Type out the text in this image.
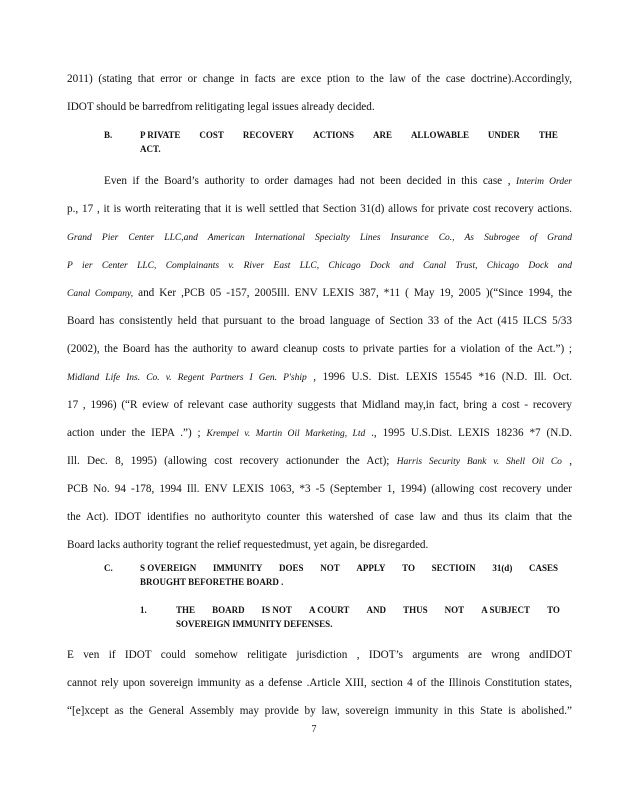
2011) (stating that error or change in facts are exce ption to the law of the case doctrine).Accordingly,
IDOT should be barredfrom relitigating legal issues already decided.
B.	P RIVATE COST RECOVERY ACTIONS ARE ALLOWABLE UNDER THE
ACT.
Even if the Board’s authority to order damages had not been decided in this case , Interim Order
p., 17 , it is worth reiterating that it is well settled that Section 31(d) allows for private cost recovery actions.
Grand Pier Center LLC,and American International Specialty Lines Insurance Co., As Subrogee of Grand
P ier Center LLC, Complainants v. River East LLC, Chicago Dock and Canal Trust, Chicago Dock and
Canal Company, and Ker ,PCB 05 -157, 2005Ill. ENV LEXIS 387, *11 ( May 19, 2005 )(“Since 1994, the
Board has consistently held that pursuant to the broad language of Section 33 of the Act (415 ILCS 5/33
(2002), the Board has the authority to award cleanup costs to private parties for a violation of the Act.”) ;
Midland Life Ins. Co. v. Regent Partners I Gen. P'ship , 1996 U.S. Dist. LEXIS 15545 *16 (N.D. Ill. Oct.
17 , 1996) (“R eview of relevant case authority suggests that Midland may,in fact, bring a cost - recovery
action under the IEPA .”) ; Krempel v. Martin Oil Marketing, Ltd ., 1995 U.S.Dist. LEXIS 18236 *7 (N.D.
Ill. Dec. 8, 1995) (allowing cost recovery actionunder the Act); Harris Security Bank v. Shell Oil Co ,
PCB No. 94 -178, 1994 Ill. ENV LEXIS 1063, *3 -5 (September 1, 1994) (allowing cost recovery under
the Act). IDOT identifies no authorityto counter this watershed of case law and thus its claim that the
Board lacks authority togrant the relief requestedmust, yet again, be disregarded.
C.	S OVEREIGN IMMUNITY DOES NOT APPLY TO SECTIOIN 31(d) CASES
BROUGHT BEFORETHE BOARD .
1.	THE BOARD IS NOT A COURT AND THUS NOT A SUBJECT TO
SOVEREIGN IMMUNITY DEFENSES.
E ven if IDOT could somehow relitigate jurisdiction , IDOT’s arguments are wrong andIDOT
cannot rely upon sovereign immunity as a defense .Article XIII, section 4 of the Illinois Constitution states,
“[e]xcept as the General Assembly may provide by law, sovereign immunity in this State is abolished.”
7
